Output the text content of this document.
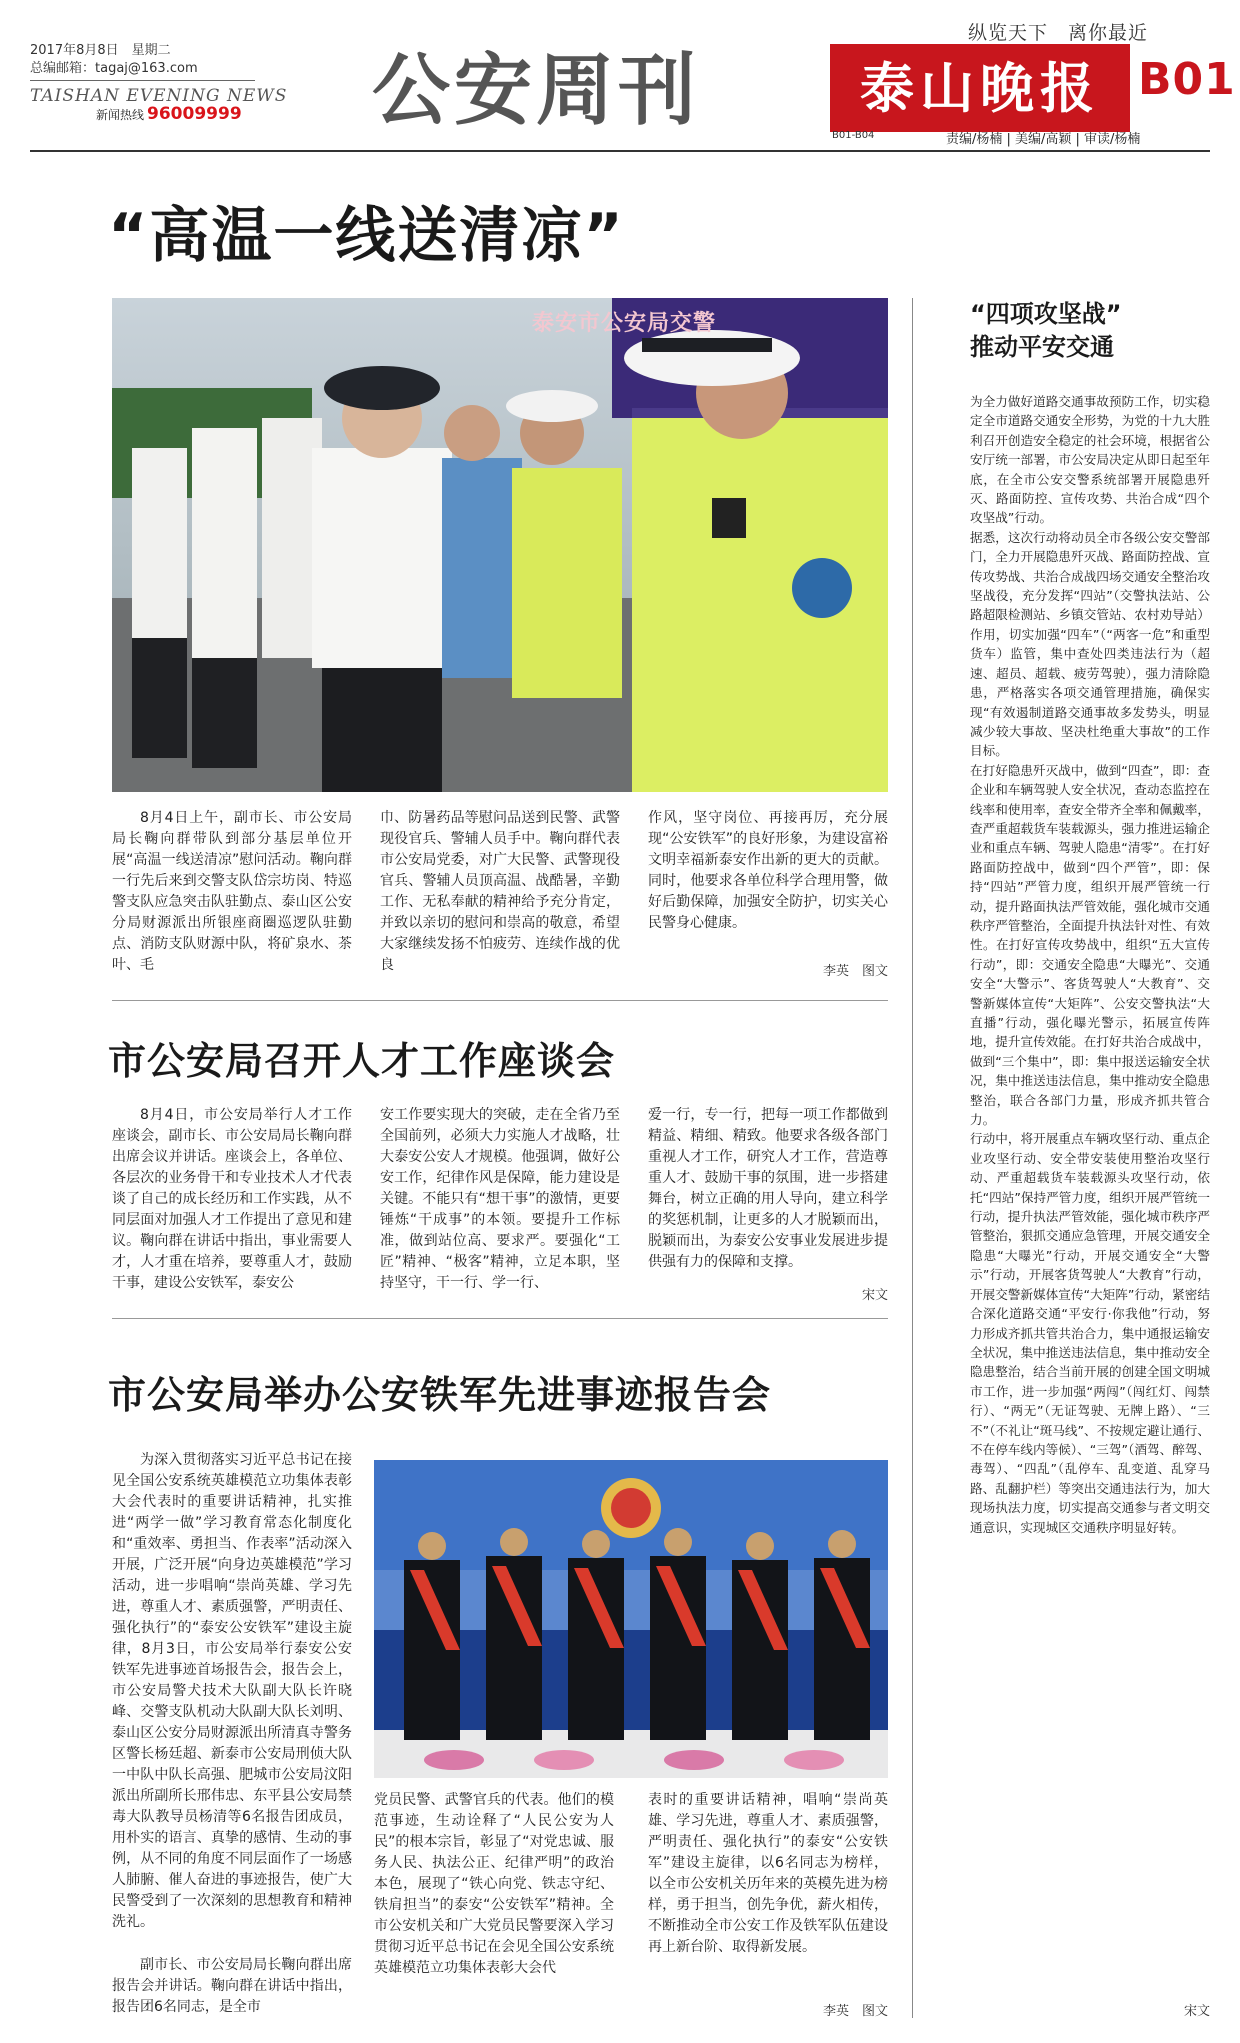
2017年8月8日　星期二
总编邮箱：tagaj@163.com
TAISHAN EVENING NEWS
新闻热线 96009999 公安周刊
纵览天下　离你最近
泰山晚报
B01-B04
B01
责编/杨楠 | 美编/高颖 | 审读/杨楠
“高温一线送清凉”
泰安市公安局交警
8月4日上午，副市长、市公安局局长鞠向群带队到部分基层单位开展“高温一线送清凉”慰问活动。鞠向群一行先后来到交警支队岱宗坊岗、特巡警支队应急突击队驻勤点、泰山区公安分局财源派出所银座商圈巡逻队驻勤点、消防支队财源中队，将矿泉水、茶叶、毛
巾、防暑药品等慰问品送到民警、武警现役官兵、警辅人员手中。鞠向群代表市公安局党委，对广大民警、武警现役官兵、警辅人员顶高温、战酷暑，辛勤工作、无私奉献的精神给予充分肯定，并致以亲切的慰问和崇高的敬意，希望大家继续发扬不怕疲劳、连续作战的优良
作风，坚守岗位、再接再厉，充分展现“公安铁军”的良好形象，为建设富裕文明幸福新泰安作出新的更大的贡献。同时，他要求各单位科学合理用警，做好后勤保障，加强安全防护，切实关心民警身心健康。
李英　图文
市公安局召开人才工作座谈会
8月4日，市公安局举行人才工作座谈会，副市长、市公安局局长鞠向群出席会议并讲话。座谈会上，各单位、各层次的业务骨干和专业技术人才代表谈了自己的成长经历和工作实践，从不同层面对加强人才工作提出了意见和建议。鞠向群在讲话中指出，事业需要人才，人才重在培养，要尊重人才，鼓励干事，建设公安铁军，泰安公
安工作要实现大的突破，走在全省乃至全国前列，必须大力实施人才战略，壮大泰安公安人才规模。他强调，做好公安工作，纪律作风是保障，能力建设是关键。不能只有“想干事”的激情，更要锤炼“干成事”的本领。要提升工作标准，做到站位高、要求严。要强化“工匠”精神、“极客”精神，立足本职，坚持坚守，干一行、学一行、
爱一行，专一行，把每一项工作都做到精益、精细、精致。他要求各级各部门重视人才工作，研究人才工作，营造尊重人才、鼓励干事的氛围，进一步搭建舞台，树立正确的用人导向，建立科学的奖惩机制，让更多的人才脱颖而出，脱颖而出，为泰安公安事业发展进步提供强有力的保障和支撑。
宋文
市公安局举办公安铁军先进事迹报告会
为深入贯彻落实习近平总书记在接见全国公安系统英雄模范立功集体表彰大会代表时的重要讲话精神，扎实推进“两学一做”学习教育常态化制度化和“重效率、勇担当、作表率”活动深入开展，广泛开展“向身边英雄模范”学习活动，进一步唱响“崇尚英雄、学习先进，尊重人才、素质强警，严明责任、强化执行”的“泰安公安铁军”建设主旋律，8月3日，市公安局举行泰安公安铁军先进事迹首场报告会，报告会上，市公安局警犬技术大队副大队长许晓峰、交警支队机动大队副大队长刘明、泰山区公安分局财源派出所清真寺警务区警长杨廷超、新泰市公安局刑侦大队一中队中队长高强、肥城市公安局汶阳派出所副所长邢伟忠、东平县公安局禁毒大队教导员杨清等6名报告团成员，用朴实的语言、真挚的感情、生动的事例，从不同的角度不同层面作了一场感人肺腑、催人奋进的事迹报告，使广大民警受到了一次深刻的思想教育和精神洗礼。
副市长、市公安局局长鞠向群出席报告会并讲话。鞠向群在讲话中指出，报告团6名同志，是全市
党员民警、武警官兵的代表。他们的模范事迹，生动诠释了“人民公安为人民”的根本宗旨，彰显了“对党忠诚、服务人民、执法公正、纪律严明”的政治本色，展现了“铁心向党、铁志守纪、铁肩担当”的泰安“公安铁军”精神。全市公安机关和广大党员民警要深入学习贯彻习近平总书记在会见全国公安系统英雄模范立功集体表彰大会代
表时的重要讲话精神，唱响“崇尚英雄、学习先进，尊重人才、素质强警，严明责任、强化执行”的泰安“公安铁军”建设主旋律，以6名同志为榜样，以全市公安机关历年来的英模先进为榜样，勇于担当，创先争优，薪火相传，不断推动全市公安工作及铁军队伍建设再上新台阶、取得新发展。
李英　图文
“四项攻坚战”
推动平安交通
为全力做好道路交通事故预防工作，切实稳定全市道路交通安全形势，为党的十九大胜利召开创造安全稳定的社会环境，根据省公安厅统一部署，市公安局决定从即日起至年底，在全市公安交警系统部署开展隐患歼灭、路面防控、宣传攻势、共治合成“四个攻坚战”行动。
据悉，这次行动将动员全市各级公安交警部门，全力开展隐患歼灭战、路面防控战、宣传攻势战、共治合成战四场交通安全整治攻坚战役，充分发挥“四站”（交警执法站、公路超限检测站、乡镇交管站、农村劝导站）作用，切实加强“四车”（“两客一危”和重型货车）监管，集中查处四类违法行为（超速、超员、超载、疲劳驾驶），强力清除隐患，严格落实各项交通管理措施，确保实现“有效遏制道路交通事故多发势头，明显减少较大事故、坚决杜绝重大事故”的工作目标。
在打好隐患歼灭战中，做到“四查”，即：查企业和车辆驾驶人安全状况，查动态监控在线率和使用率，查安全带齐全率和佩戴率，查严重超载货车装载源头，强力推进运输企业和重点车辆、驾驶人隐患“清零”。在打好路面防控战中，做到“四个严管”，即：保持“四站”严管力度，组织开展严管统一行动，提升路面执法严管效能，强化城市交通秩序严管整治，全面提升执法针对性、有效性。在打好宣传攻势战中，组织“五大宣传行动”，即：交通安全隐患“大曝光”、交通安全“大警示”、客货驾驶人“大教育”、交警新媒体宣传“大矩阵”、公安交警执法“大直播”行动，强化曝光警示，拓展宣传阵地，提升宣传效能。在打好共治合成战中，做到“三个集中”，即：集中报送运输安全状况，集中推送违法信息，集中推动安全隐患整治，联合各部门力量，形成齐抓共管合力。
行动中，将开展重点车辆攻坚行动、重点企业攻坚行动、安全带安装使用整治攻坚行动、严重超载货车装载源头攻坚行动，依托“四站”保持严管力度，组织开展严管统一行动，提升执法严管效能，强化城市秩序严管整治，狠抓交通应急管理，开展交通安全隐患“大曝光”行动，开展交通安全“大警示”行动，开展客货驾驶人“大教育”行动，开展交警新媒体宣传“大矩阵”行动，紧密结合深化道路交通“平安行·你我他”行动，努力形成齐抓共管共治合力，集中通报运输安全状况，集中推送违法信息，集中推动安全隐患整治，结合当前开展的创建全国文明城市工作，进一步加强“两闯”（闯红灯、闯禁行）、“两无”（无证驾驶、无牌上路）、“三不”（不礼让“斑马线”、不按规定避让通行、不在停车线内等候）、“三驾”（酒驾、醉驾、毒驾）、“四乱”（乱停车、乱变道、乱穿马路、乱翻护栏）等突出交通违法行为，加大现场执法力度，切实提高交通参与者文明交通意识，实现城区交通秩序明显好转。
宋文
